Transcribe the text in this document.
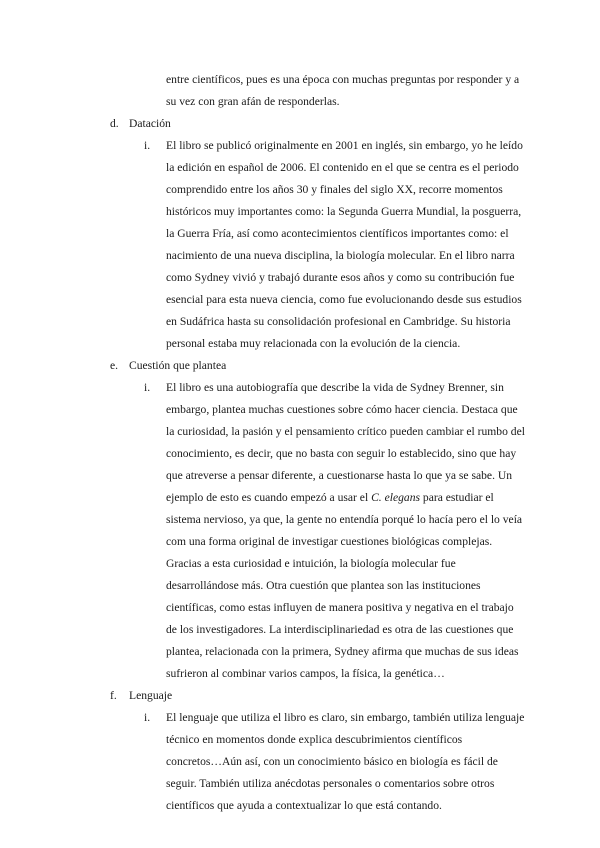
entre científicos, pues es una época con muchas preguntas por responder y a
su vez con gran afán de responderlas.
d. Datación
i. El libro se publicó originalmente en 2001 en inglés, sin embargo, yo he leído
la edición en español de 2006. El contenido en el que se centra es el periodo
comprendido entre los años 30 y finales del siglo XX, recorre momentos
históricos muy importantes como: la Segunda Guerra Mundial, la posguerra,
la Guerra Fría, así como acontecimientos científicos importantes como: el
nacimiento de una nueva disciplina, la biología molecular. En el libro narra
como Sydney vivió y trabajó durante esos años y como su contribución fue
esencial para esta nueva ciencia, como fue evolucionando desde sus estudios
en Sudáfrica hasta su consolidación profesional en Cambridge. Su historia
personal estaba muy relacionada con la evolución de la ciencia.
e. Cuestión que plantea
i. El libro es una autobiografía que describe la vida de Sydney Brenner, sin
embargo, plantea muchas cuestiones sobre cómo hacer ciencia. Destaca que
la curiosidad, la pasión y el pensamiento crítico pueden cambiar el rumbo del
conocimiento, es decir, que no basta con seguir lo establecido, sino que hay
que atreverse a pensar diferente, a cuestionarse hasta lo que ya se sabe. Un
ejemplo de esto es cuando empezó a usar el C. elegans para estudiar el
sistema nervioso, ya que, la gente no entendía porqué lo hacía pero el lo veía
com una forma original de investigar cuestiones biológicas complejas.
Gracias a esta curiosidad e intuición, la biología molecular fue
desarrollándose más. Otra cuestión que plantea son las instituciones
científicas, como estas influyen de manera positiva y negativa en el trabajo
de los investigadores. La interdisciplinariedad es otra de las cuestiones que
plantea, relacionada con la primera, Sydney afirma que muchas de sus ideas
sufrieron al combinar varios campos, la física, la genética…
f. Lenguaje
i. El lenguaje que utiliza el libro es claro, sin embargo, también utiliza lenguaje
técnico en momentos donde explica descubrimientos científicos
concretos…Aún así, con un conocimiento básico en biología es fácil de
seguir. También utiliza anécdotas personales o comentarios sobre otros
científicos que ayuda a contextualizar lo que está contando.
